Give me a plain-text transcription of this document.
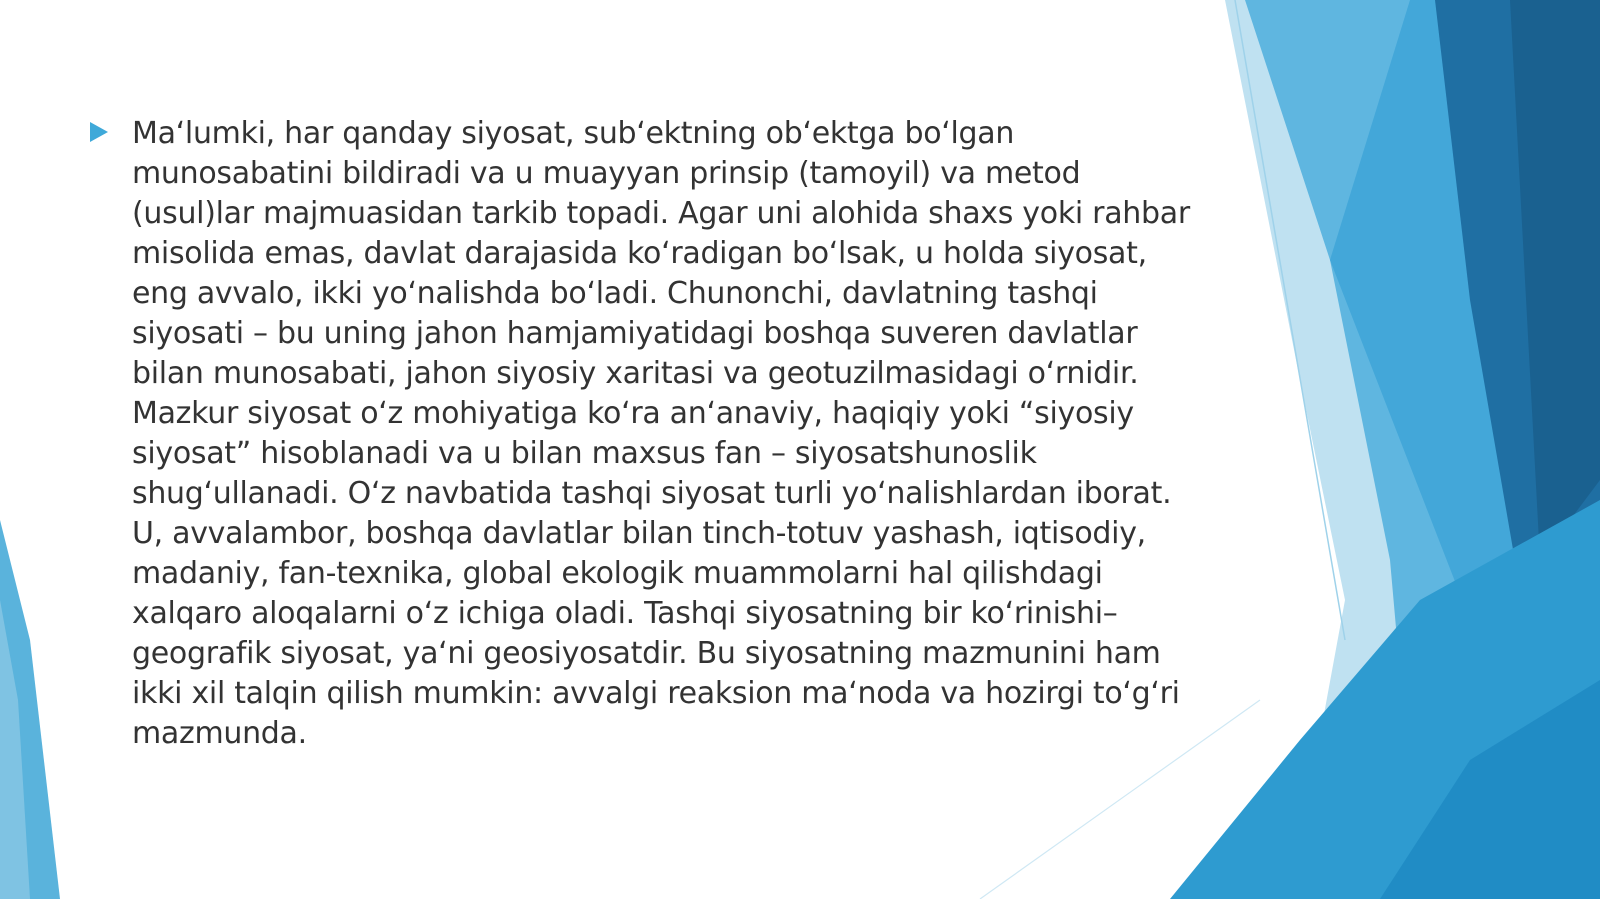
Ma‘lumki, har qanday siyosat, sub‘ektning ob‘ektga bo‘lgan munosabatini bildiradi va u muayyan prinsip (tamoyil) va metod (usul)lar majmuasidan tarkib topadi. Agar uni alohida shaxs yoki rahbar misolida emas, davlat darajasida ko‘radigan bo‘lsak, u holda siyosat, eng avvalo, ikki yo‘nalishda bo‘ladi. Chunonchi, davlatning tashqi siyosati – bu uning jahon hamjamiyatidagi boshqa suveren davlatlar bilan munosabati, jahon siyosiy xaritasi va geotuzilmasidagi o‘rnidir. Mazkur siyosat o‘z mohiyatiga ko‘ra an‘anaviy, haqiqiy yoki “siyosiy siyosat” hisoblanadi va u bilan maxsus fan – siyosatshunoslik shug‘ullanadi. O‘z navbatida tashqi siyosat turli yo‘nalishlardan iborat. U, avvalambor, boshqa davlatlar bilan tinch-totuv yashash, iqtisodiy, madaniy, fan-texnika, global ekologik muammolarni hal qilishdagi xalqaro aloqalarni o‘z ichiga oladi. Tashqi siyosatning bir ko‘rinishi–geografik siyosat, ya‘ni geosiyosatdir. Bu siyosatning mazmunini ham ikki xil talqin qilish mumkin: avvalgi reaksion ma‘noda va hozirgi to‘g‘ri mazmunda.
